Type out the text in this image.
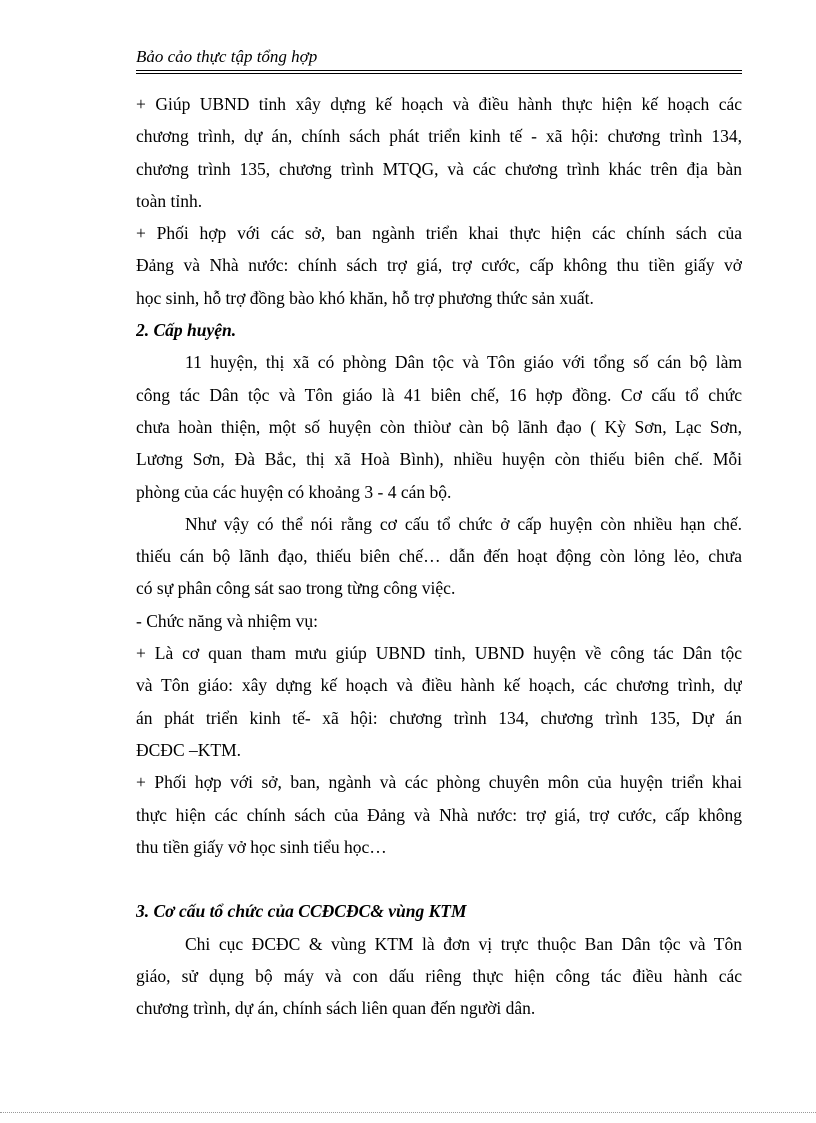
Bảo cảo thực tập tổng hợp
+ Giúp UBND tỉnh xây dựng kế hoạch và điều hành thực hiện kế hoạch các
chương trình, dự án, chính sách phát triển kinh tế - xã hội: chương trình 134,
chương trình 135, chương trình MTQG, và các chương trình khác trên địa bàn
toàn tỉnh.
+ Phối hợp với các sở, ban ngành triển khai thực hiện các chính sách của
Đảng và Nhà nước: chính sách trợ giá, trợ cước, cấp không thu tiền giấy vở
học sinh, hỗ trợ đồng bào khó khăn, hỗ trợ phương thức sản xuất.
2. Cấp huyện.
11 huyện, thị xã có phòng Dân tộc và Tôn giáo với tổng số cán bộ làm
công tác Dân tộc và Tôn giáo là 41 biên chế, 16 hợp đồng. Cơ cấu tổ chức
chưa hoàn thiện, một số huyện còn thiòư càn bộ lãnh đạo ( Kỳ Sơn, Lạc Sơn,
Lương Sơn, Đà Bắc, thị xã Hoà Bình), nhiều huyện còn thiếu biên chế. Mỗi
phòng của các huyện có khoảng 3 - 4 cán bộ.
Như vậy có thể nói rằng cơ cấu tổ chức ở cấp huyện còn nhiều hạn chế.
thiếu cán bộ lãnh đạo, thiếu biên chế… dẫn đến hoạt động còn lỏng lẻo, chưa
có sự phân công sát sao trong từng công việc.
- Chức năng và nhiệm vụ:
+ Là cơ quan tham mưu giúp UBND tỉnh, UBND huyện về công tác Dân tộc
và Tôn giáo: xây dựng kế hoạch và điều hành kế hoạch, các chương trình, dự
án phát triển kinh tế- xã hội: chương trình 134, chương trình 135, Dự án
ĐCĐC –KTM.
+ Phối hợp với sở, ban, ngành và các phòng chuyên môn của huyện triển khai
thực hiện các chính sách của Đảng và Nhà nước: trợ giá, trợ cước, cấp không
thu tiền giấy vở học sinh tiểu học…
3. Cơ cấu tổ chức của CCĐCĐC& vùng KTM
Chi cục ĐCĐC & vùng KTM là đơn vị trực thuộc Ban Dân tộc và Tôn
giáo, sử dụng bộ máy và con dấu riêng thực hiện công tác điều hành các
chương trình, dự án, chính sách liên quan đến người dân.
